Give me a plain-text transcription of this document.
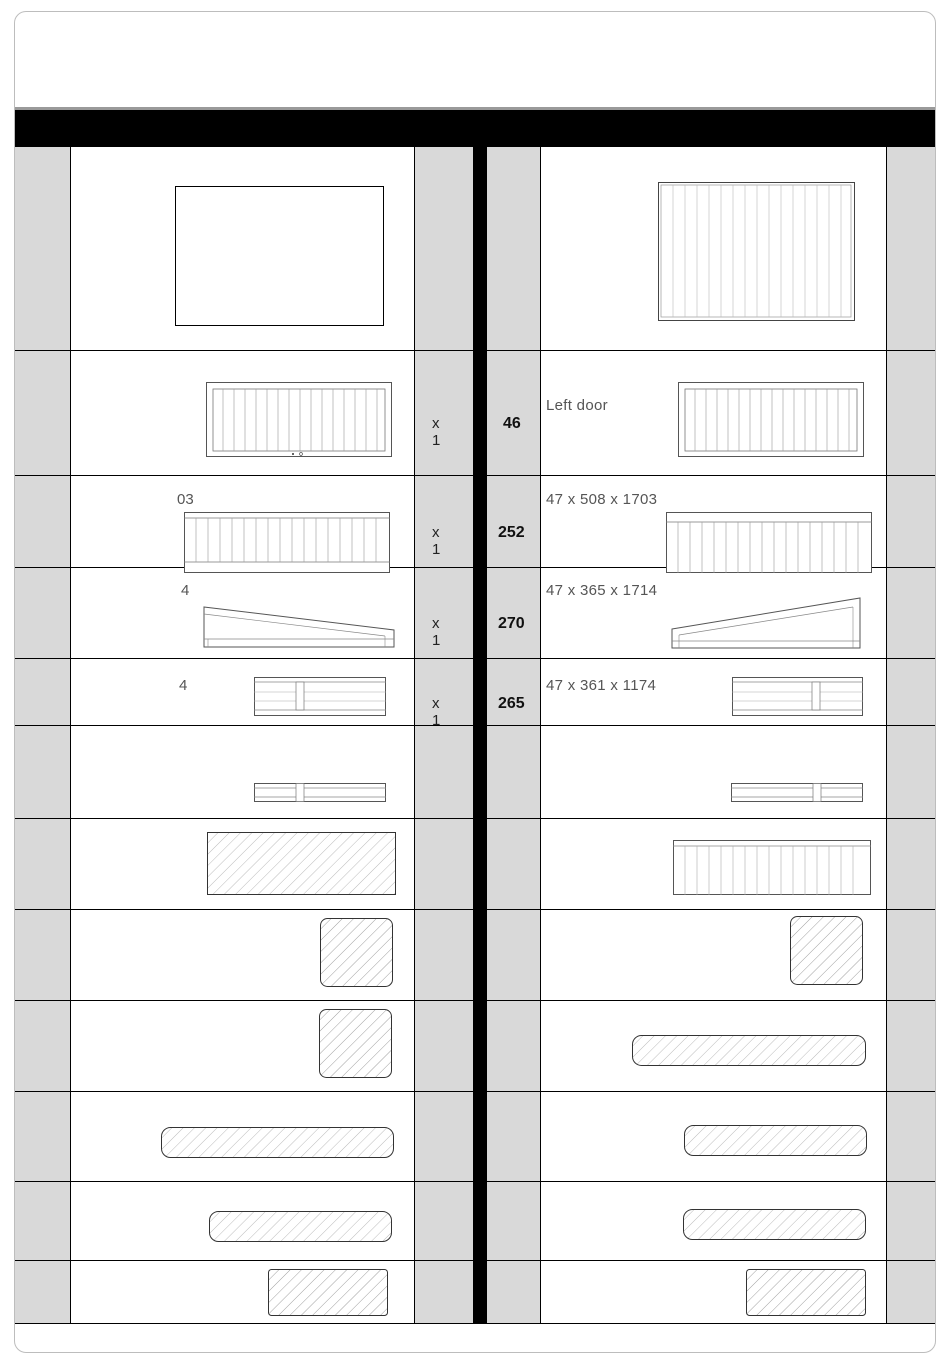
x 1
46
Left door
03
x 1
252
47 x 508 x 1703
4
x 1
270
47 x 365 x 1714
4
x 1
265
47 x 361 x 1174
